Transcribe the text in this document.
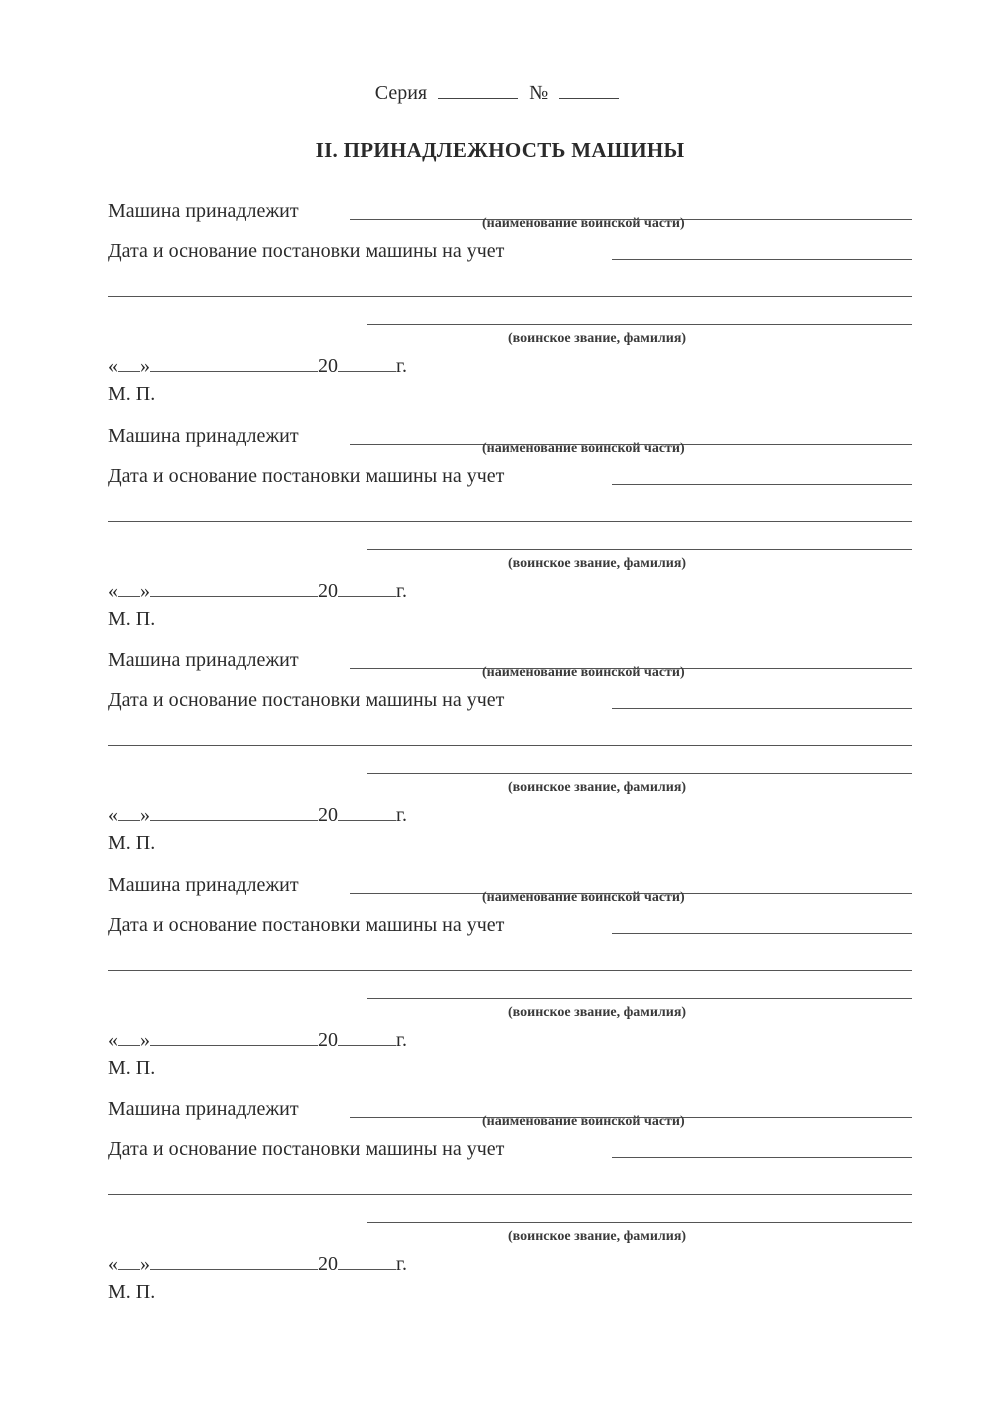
Серия	№
II. ПРИНАДЛЕЖНОСТЬ МАШИНЫ
Машина принадлежит
(наименование воинской части)
Дата и основание постановки машины на учет
(воинское звание, фамилия)
« »	20	г.
М. П.
Машина принадлежит
(наименование воинской части)
Дата и основание постановки машины на учет
(воинское звание, фамилия)
« »	20	г.
М. П.
Машина принадлежит
(наименование воинской части)
Дата и основание постановки машины на учет
(воинское звание, фамилия)
« »	20	г.
М. П.
Машина принадлежит
(наименование воинской части)
Дата и основание постановки машины на учет
(воинское звание, фамилия)
« »	20	г.
М. П.
Машина принадлежит
(наименование воинской части)
Дата и основание постановки машины на учет
(воинское звание, фамилия)
« »	20	г.
М. П.
